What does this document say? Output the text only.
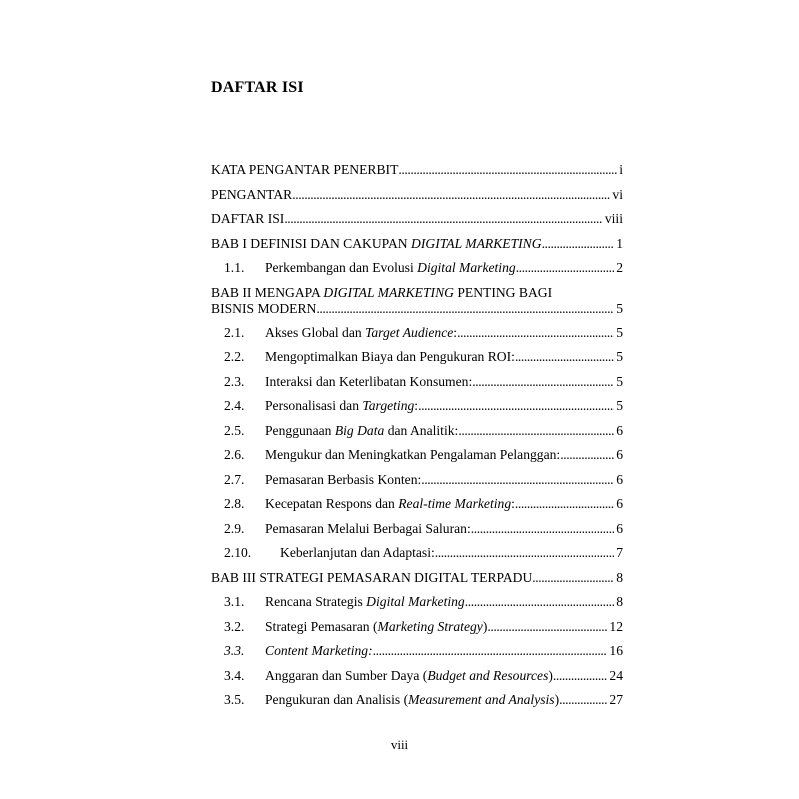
DAFTAR ISI
KATA PENGANTAR PENERBIT . . .	i
PENGANTAR . . .	vi
DAFTAR ISI . . .	viii
BAB I DEFINISI DAN CAKUPAN DIGITAL MARKETING . . .	1
1.1.	Perkembangan dan Evolusi Digital Marketing . . .	2
BAB II MENGAPA DIGITAL MARKETING PENTING BAGI
BISNIS MODERN . . .	5
2.1.	Akses Global dan Target Audience: . . .	5
2.2.	Mengoptimalkan Biaya dan Pengukuran ROI: . . .	5
2.3.	Interaksi dan Keterlibatan Konsumen: . . .	5
2.4.	Personalisasi dan Targeting: . . .	5
2.5.	Penggunaan Big Data dan Analitik: . . .	6
2.6.	Mengukur dan Meningkatkan Pengalaman Pelanggan: . . .	6
2.7.	Pemasaran Berbasis Konten: . . .	6
2.8.	Kecepatan Respons dan Real-time Marketing: . . .	6
2.9.	Pemasaran Melalui Berbagai Saluran: . . .	6
2.10.	Keberlanjutan dan Adaptasi: . . .	7
BAB III STRATEGI PEMASARAN DIGITAL TERPADU . . .	8
3.1.	Rencana Strategis Digital Marketing . . .	8
3.2.	Strategi Pemasaran (Marketing Strategy) . . .	12
3.3.	Content Marketing: . . .	16
3.4.	Anggaran dan Sumber Daya (Budget and Resources) . . .	24
3.5.	Pengukuran dan Analisis (Measurement and Analysis) . . .	27
viii
